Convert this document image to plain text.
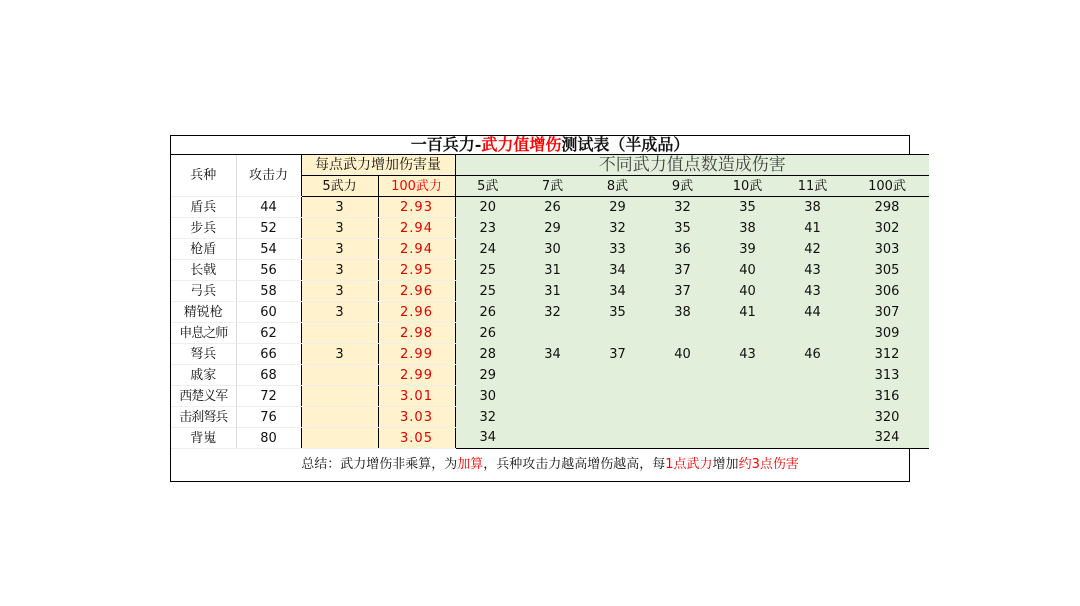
一百兵力-武力值增伤测试表（半成品）										
兵种	攻击力	每点武力增加伤害量		不同武力值点数造成伤害						
		5武力	100武力	5武	7武	8武	9武	10武	11武	100武
盾兵	44	3	2.93	20	26	29	32	35	38	298
步兵	52	3	2.94	23	29	32	35	38	41	302
枪盾	54	3	2.94	24	30	33	36	39	42	303
长戟	56	3	2.95	25	31	34	37	40	43	305
弓兵	58	3	2.96	25	31	34	37	40	43	306
精锐枪	60	3	2.96	26	32	35	38	41	44	307
申息之师	62		2.98	26						309
弩兵	66	3	2.99	28	34	37	40	43	46	312
戚家	68		2.99	29						313
西楚义军	72		3.01	30						316
击刹弩兵	76		3.03	32						320
背嵬	80		3.05	34						324
总结：武力增伤非乘算，为加算，兵种攻击力越高增伤越高，每1点武力增加约3点伤害										
